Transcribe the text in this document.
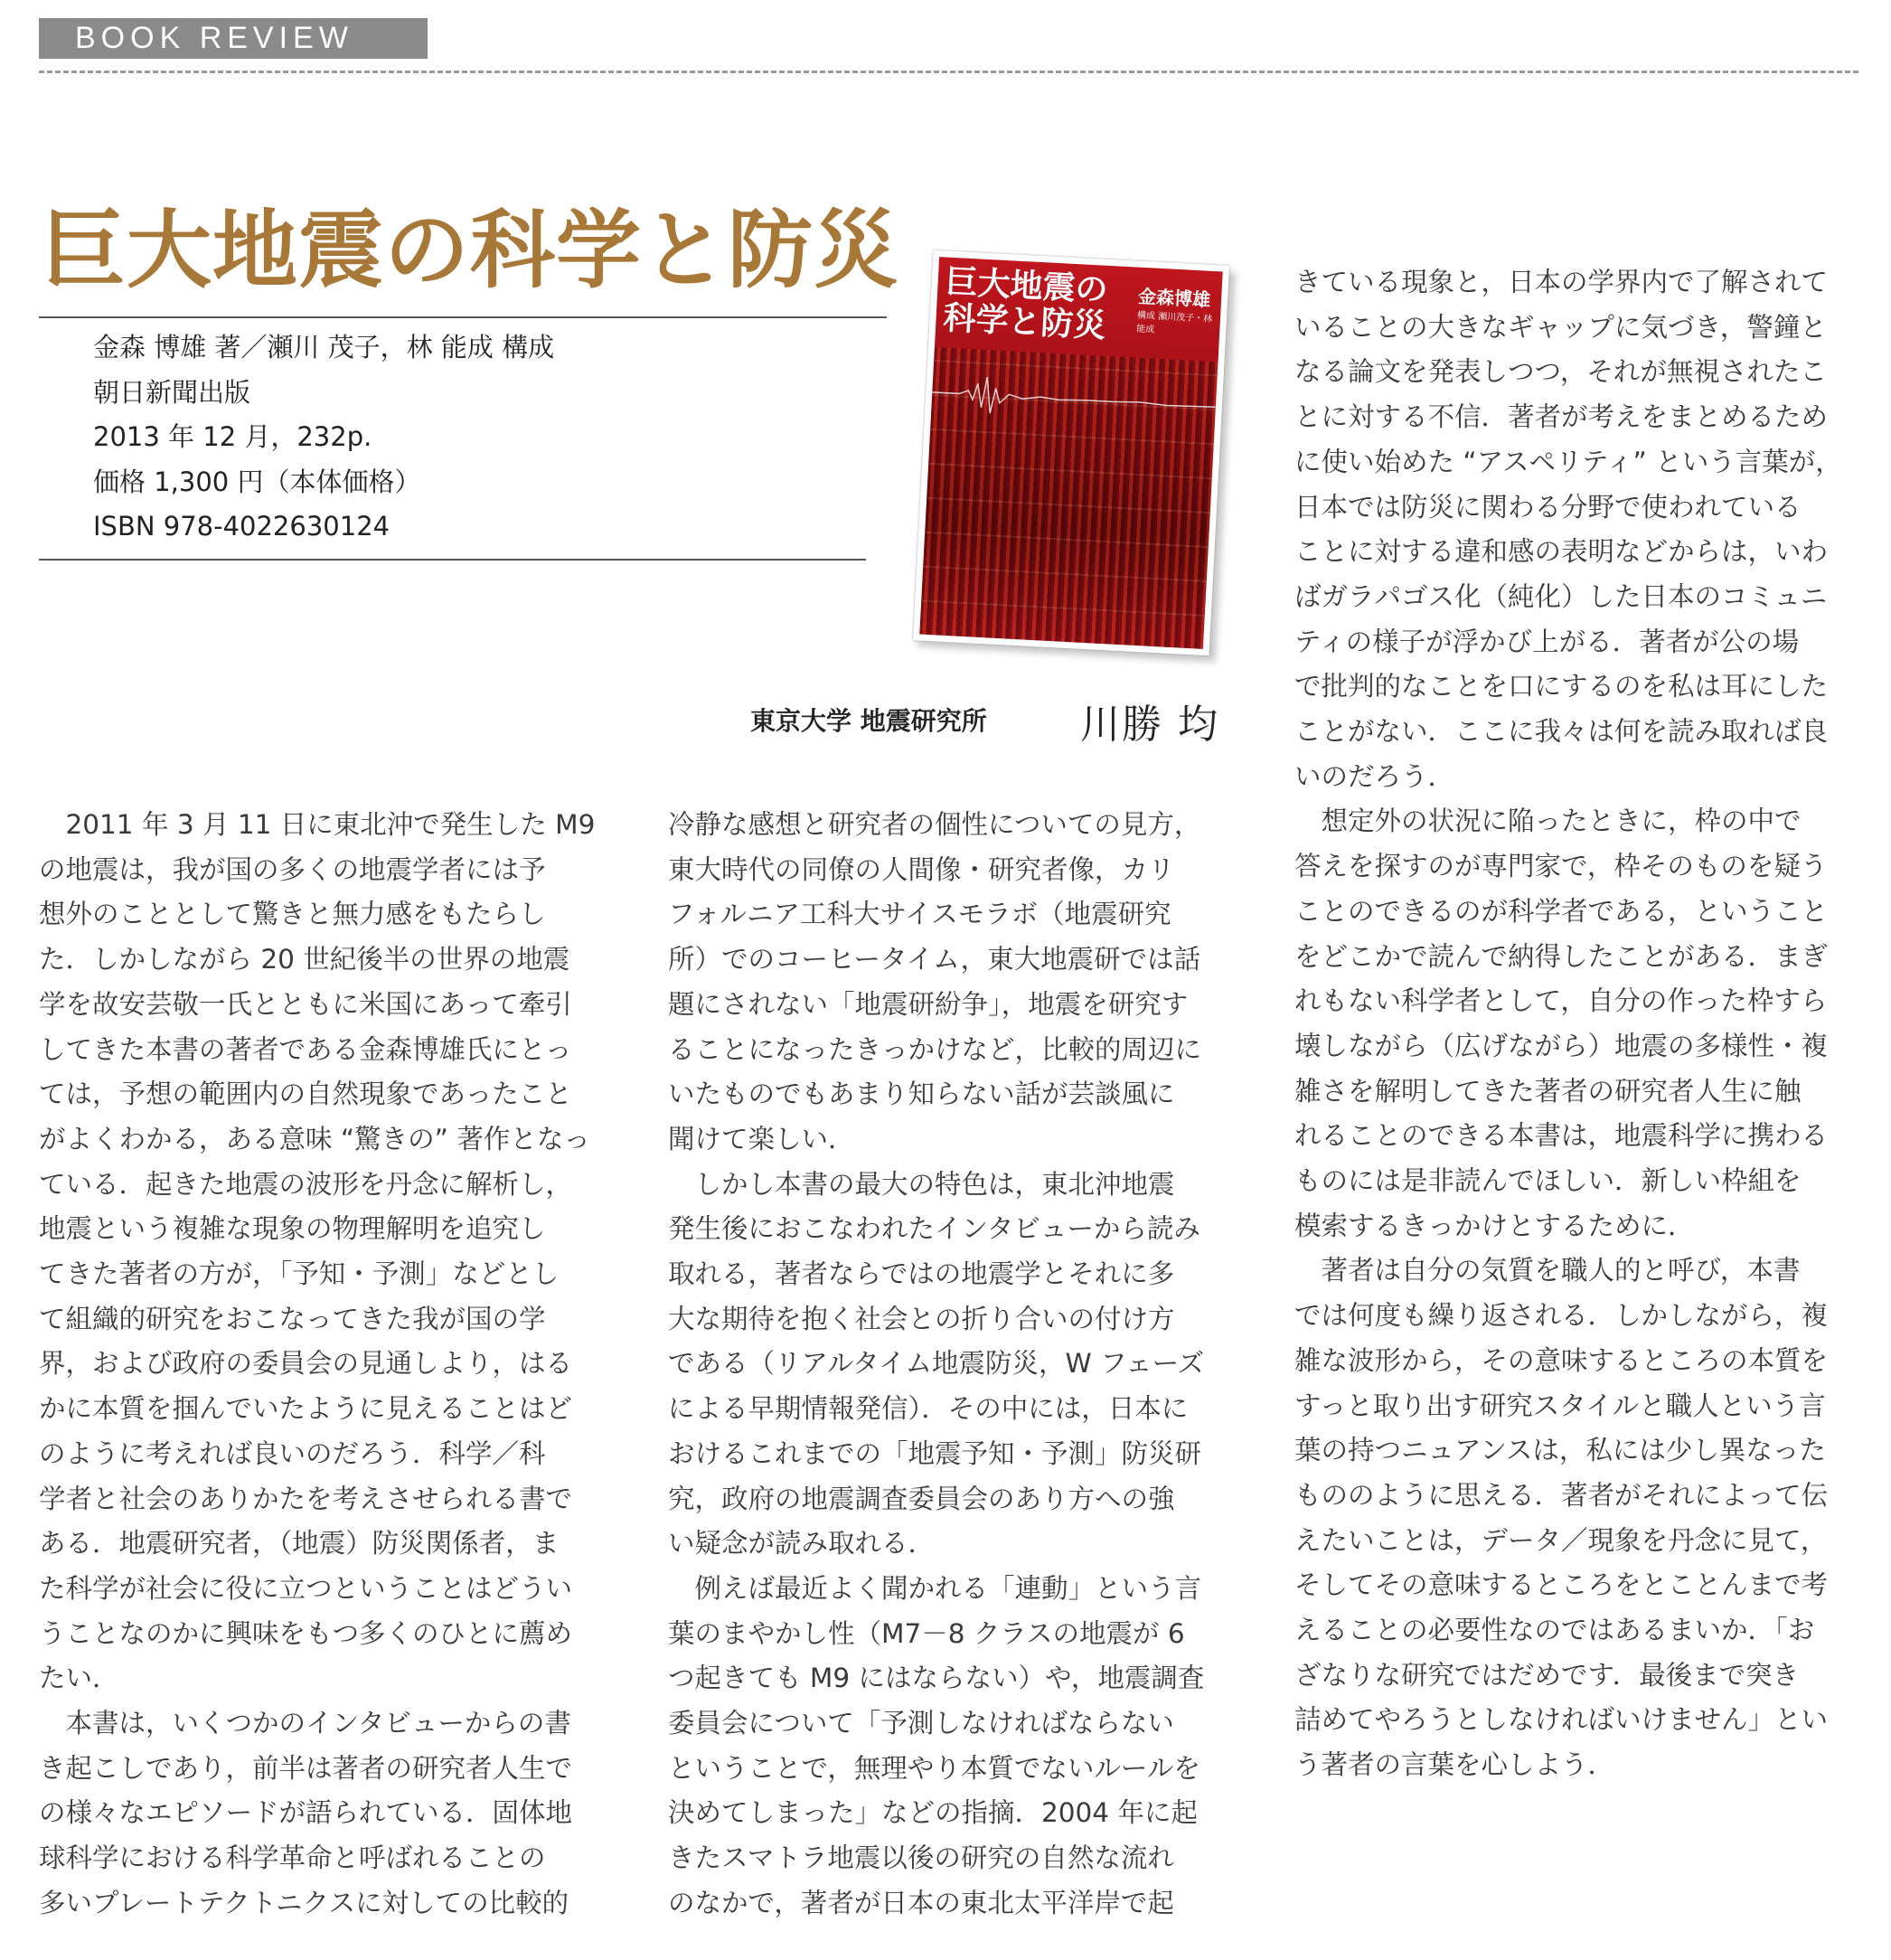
BOOK REVIEW
巨大地震の科学と防災
金森 博雄 著／瀬川 茂子，林 能成 構成
朝日新聞出版
2013 年 12 月，232p.
価格 1,300 円（本体価格）
ISBN 978-4022630124
巨大地震の
科学と防災
金森博雄
構成 瀬川茂子・林 能成
東京大学 地震研究所 川勝 均

　2011 年 3 月 11 日に東北沖で発生した M9

の地震は，我が国の多くの地震学者には予

想外のこととして驚きと無力感をもたらし

た．しかしながら 20 世紀後半の世界の地震

学を故安芸敬一氏とともに米国にあって牽引

してきた本書の著者である金森博雄氏にとっ

ては，予想の範囲内の自然現象であったこと

がよくわかる，ある意味 “驚きの” 著作となっ

ている．起きた地震の波形を丹念に解析し，

地震という複雑な現象の物理解明を追究し

てきた著者の方が，「予知・予測」などとし

て組織的研究をおこなってきた我が国の学

界，および政府の委員会の見通しより，はる

かに本質を掴んでいたように見えることはど

のように考えれば良いのだろう．科学／科

学者と社会のありかたを考えさせられる書で

ある．地震研究者，（地震）防災関係者，ま

た科学が社会に役に立つということはどうい

うことなのかに興味をもつ多くのひとに薦め

たい．

　本書は，いくつかのインタビューからの書

き起こしであり，前半は著者の研究者人生で

の様々なエピソードが語られている．固体地

球科学における科学革命と呼ばれることの

多いプレートテクトニクスに対しての比較的

冷静な感想と研究者の個性についての見方，

東大時代の同僚の人間像・研究者像，カリ

フォルニア工科大サイスモラボ（地震研究

所）でのコーヒータイム，東大地震研では話

題にされない「地震研紛争」，地震を研究す

ることになったきっかけなど，比較的周辺に

いたものでもあまり知らない話が芸談風に

聞けて楽しい．

　しかし本書の最大の特色は，東北沖地震

発生後におこなわれたインタビューから読み

取れる，著者ならではの地震学とそれに多

大な期待を抱く社会との折り合いの付け方

である（リアルタイム地震防災，W フェーズ

による早期情報発信）．その中には，日本に

おけるこれまでの「地震予知・予測」防災研

究，政府の地震調査委員会のあり方への強

い疑念が読み取れる．

　例えば最近よく聞かれる「連動」という言

葉のまやかし性（M7－8 クラスの地震が 6

つ起きても M9 にはならない）や，地震調査

委員会について「予測しなければならない

ということで，無理やり本質でないルールを

決めてしまった」などの指摘．2004 年に起

きたスマトラ地震以後の研究の自然な流れ

のなかで，著者が日本の東北太平洋岸で起

きている現象と，日本の学界内で了解されて

いることの大きなギャップに気づき，警鐘と

なる論文を発表しつつ，それが無視されたこ

とに対する不信．著者が考えをまとめるため

に使い始めた “アスペリティ” という言葉が，

日本では防災に関わる分野で使われている

ことに対する違和感の表明などからは，いわ

ばガラパゴス化（純化）した日本のコミュニ

ティの様子が浮かび上がる．著者が公の場

で批判的なことを口にするのを私は耳にした

ことがない．ここに我々は何を読み取れば良

いのだろう．

　想定外の状況に陥ったときに，枠の中で

答えを探すのが専門家で，枠そのものを疑う

ことのできるのが科学者である，ということ

をどこかで読んで納得したことがある．まぎ

れもない科学者として，自分の作った枠すら

壊しながら（広げながら）地震の多様性・複

雑さを解明してきた著者の研究者人生に触

れることのできる本書は，地震科学に携わる

ものには是非読んでほしい．新しい枠組を

模索するきっかけとするために．

　著者は自分の気質を職人的と呼び，本書

では何度も繰り返される．しかしながら，複

雑な波形から，その意味するところの本質を

すっと取り出す研究スタイルと職人という言

葉の持つニュアンスは，私には少し異なった

もののように思える．著者がそれによって伝

えたいことは，データ／現象を丹念に見て，

そしてその意味するところをとことんまで考

えることの必要性なのではあるまいか．「お

ざなりな研究ではだめです．最後まで突き

詰めてやろうとしなければいけません」とい

う著者の言葉を心しよう．
